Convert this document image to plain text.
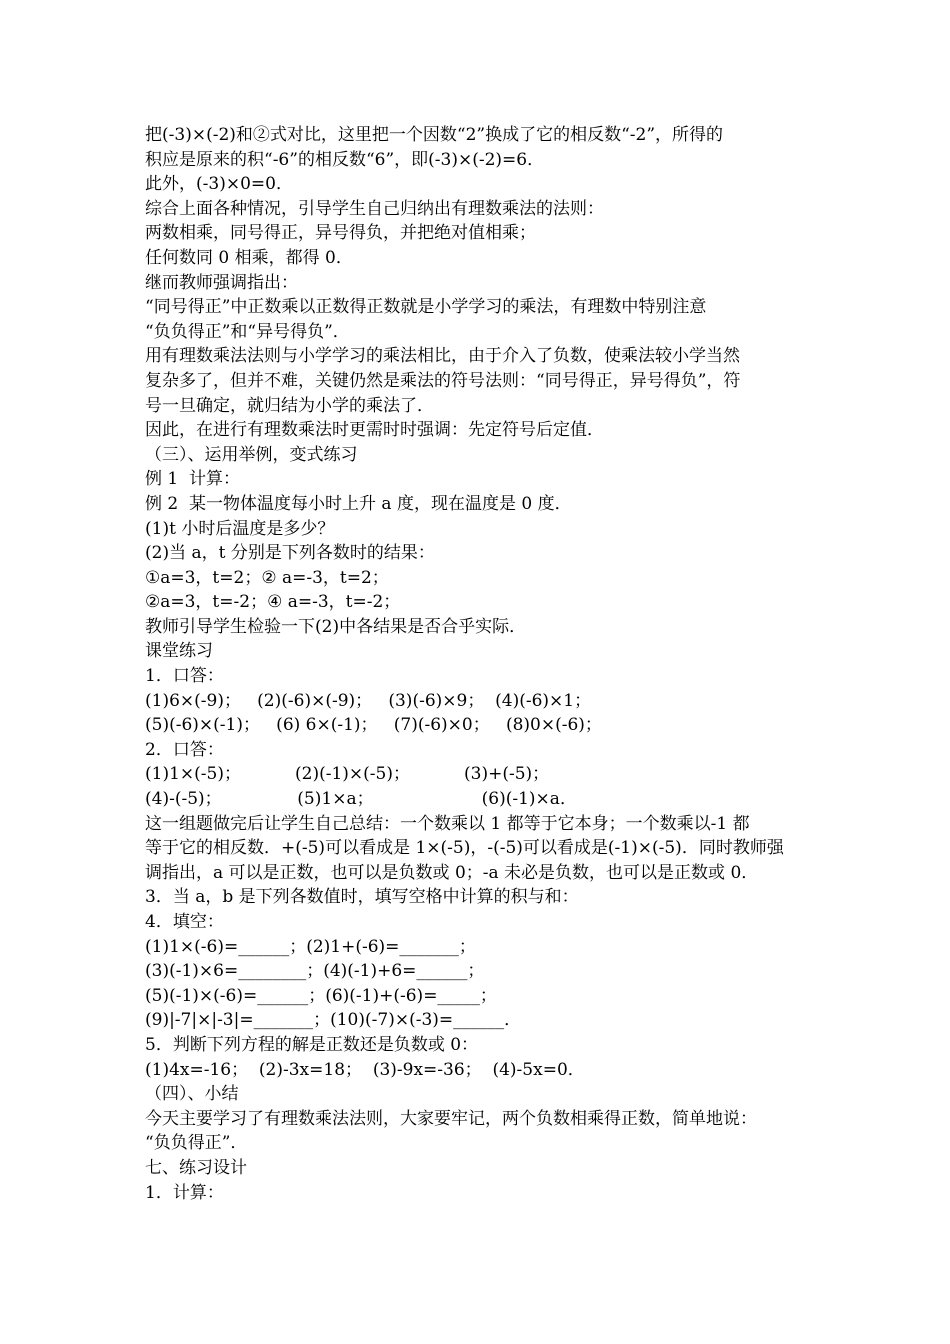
把(-3)×(-2)和②式对比，这里把一个因数“2”换成了它的相反数“-2”，所得的

积应是原来的积“-6”的相反数“6”，即(-3)×(-2)=6．

此外，(-3)×0=0．

综合上面各种情况，引导学生自己归纳出有理数乘法的法则：

两数相乘，同号得正，异号得负，并把绝对值相乘；

任何数同 0 相乘，都得 0．

继而教师强调指出：

“同号得正”中正数乘以正数得正数就是小学学习的乘法，有理数中特别注意

“负负得正”和“异号得负”．

用有理数乘法法则与小学学习的乘法相比，由于介入了负数，使乘法较小学当然

复杂多了，但并不难，关键仍然是乘法的符号法则：“同号得正，异号得负”，符

号一旦确定，就归结为小学的乘法了．

因此，在进行有理数乘法时更需时时强调：先定符号后定值．

（三）、运用举例，变式练习

例 1  计算：

例 2  某一物体温度每小时上升 a 度，现在温度是 0 度．

(1)t 小时后温度是多少？

(2)当 a，t 分别是下列各数时的结果：

①a=3，t=2；② a=-3，t=2；

②a=3，t=-2；④ a=-3，t=-2；

教师引导学生检验一下(2)中各结果是否合乎实际．

课堂练习

1．口答：

(1)6×(-9)；   (2)(-6)×(-9)；   (3)(-6)×9；  (4)(-6)×1；

(5)(-6)×(-1)；   (6) 6×(-1)；   (7)(-6)×0；   (8)0×(-6)；

2．口答：

(1)1×(-5)；          (2)(-1)×(-5)；          (3)+(-5)；

(4)-(-5)；              (5)1×a；                    (6)(-1)×a．

这一组题做完后让学生自己总结：一个数乘以 1 都等于它本身；一个数乘以-1 都

等于它的相反数．+(-5)可以看成是 1×(-5)，-(-5)可以看成是(-1)×(-5)．同时教师强

调指出，a 可以是正数，也可以是负数或 0；-a 未必是负数，也可以是正数或 0．

3．当 a，b 是下列各数值时，填写空格中计算的积与和：

4．填空：

(1)1×(-6)=______；(2)1+(-6)=_______；

(3)(-1)×6=________；(4)(-1)+6=______；

(5)(-1)×(-6)=______；(6)(-1)+(-6)=_____；

(9)|-7|×|-3|=_______；(10)(-7)×(-3)=______．

5．判断下列方程的解是正数还是负数或 0：

(1)4x=-16；  (2)-3x=18；  (3)-9x=-36；  (4)-5x=0．

（四）、小结

今天主要学习了有理数乘法法则，大家要牢记，两个负数相乘得正数，简单地说：

“负负得正”．

七、练习设计

1．计算：
